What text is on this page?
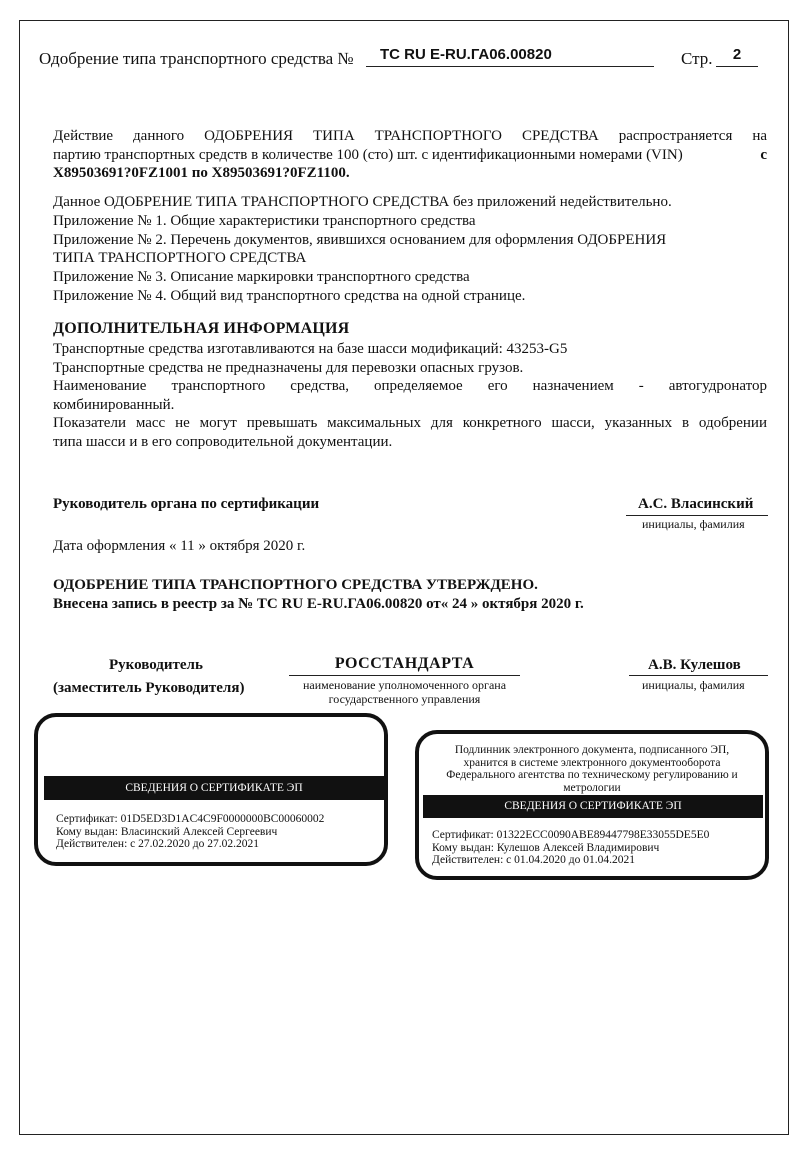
Одобрение типа транспортного средства №	ТС RU E-RU.ГА06.00820	Стр.	2
Действие данного ОДОБРЕНИЯ ТИПА ТРАНСПОРТНОГО СРЕДСТВА распространяется на
партию транспортных средств в количестве 100 (сто) шт. с идентификационными номерами (VIN)	с
X89503691?0FZ1001 по X89503691?0FZ1100.
Данное ОДОБРЕНИЕ ТИПА ТРАНСПОРТНОГО СРЕДСТВА без приложений недействительно.
Приложение № 1. Общие характеристики транспортного средства
Приложение № 2. Перечень документов, явившихся основанием для оформления ОДОБРЕНИЯ
ТИПА ТРАНСПОРТНОГО СРЕДСТВА
Приложение № 3. Описание маркировки транспортного средства
Приложение № 4. Общий вид транспортного средства на одной странице.
ДОПОЛНИТЕЛЬНАЯ ИНФОРМАЦИЯ
Транспортные средства изготавливаются на базе шасси модификаций: 43253-G5
Транспортные средства не предназначены для перевозки опасных грузов.
Наименование транспортного средства, определяемое его назначением - автогудронатор
комбинированный.
Показатели масс не могут превышать максимальных для конкретного шасси, указанных в одобрении
типа шасси и в его сопроводительной документации.
Руководитель органа по сертификации	А.С. Власинский
инициалы, фамилия
Дата оформления « 11 » октября 2020 г.
ОДОБРЕНИЕ ТИПА ТРАНСПОРТНОГО СРЕДСТВА УТВЕРЖДЕНО.
Внесена запись в реестр за № ТС RU E-RU.ГА06.00820 от« 24 » октября 2020 г.
Руководитель
(заместитель Руководителя)
РОССТАНДАРТА
наименование уполномоченного органа
государственного управления
А.В. Кулешов
инициалы, фамилия
СВЕДЕНИЯ О СЕРТИФИКАТЕ ЭП
Сертификат: 01D5ED3D1AC4C9F0000000BC00060002
Кому выдан: Власинский Алексей Сергеевич
Действителен: с 27.02.2020 до 27.02.2021
Подлинник электронного документа, подписанного ЭП,
хранится в системе электронного документооборота
Федерального агентства по техническому регулированию и
метрологии
СВЕДЕНИЯ О СЕРТИФИКАТЕ ЭП
Сертификат: 01322ECC0090ABE89447798E33055DE5E0
Кому выдан: Кулешов Алексей Владимирович
Действителен: с 01.04.2020 до 01.04.2021
